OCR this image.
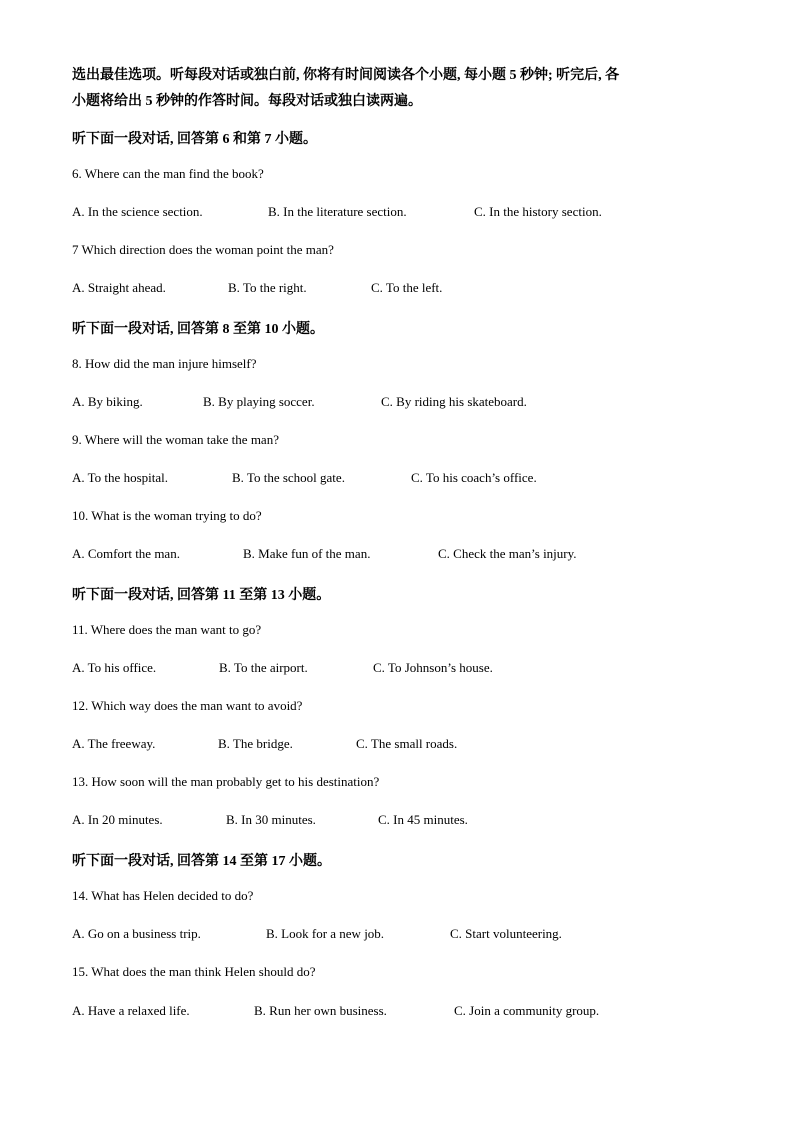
选出最佳选项。听每段对话或独白前, 你将有时间阅读各个小题, 每小题 5 秒钟; 听完后, 各
小题将给出 5 秒钟的作答时间。每段对话或独白读两遍。
听下面一段对话, 回答第 6 和第 7 小题。
6. Where can the man find the book?
A. In the science section.	B. In the literature section.	C. In the history section.
7 Which direction does the woman point the man?
A. Straight ahead.	B. To the right.	C. To the left.
听下面一段对话, 回答第 8 至第 10 小题。
8. How did the man injure himself?
A. By biking.	B. By playing soccer.	C. By riding his skateboard.
9. Where will the woman take the man?
A. To the hospital.	B. To the school gate.	C. To his coach’s office.
10. What is the woman trying to do?
A. Comfort the man.	B. Make fun of the man.	C. Check the man’s injury.
听下面一段对话, 回答第 11 至第 13 小题。
11. Where does the man want to go?
A. To his office.	B. To the airport.	C. To Johnson’s house.
12. Which way does the man want to avoid?
A. The freeway.	B. The bridge.	C. The small roads.
13. How soon will the man probably get to his destination?
A. In 20 minutes.	B. In 30 minutes.	C. In 45 minutes.
听下面一段对话, 回答第 14 至第 17 小题。
14. What has Helen decided to do?
A. Go on a business trip.	B. Look for a new job.	C. Start volunteering.
15. What does the man think Helen should do?
A. Have a relaxed life.	B. Run her own business.	C. Join a community group.
